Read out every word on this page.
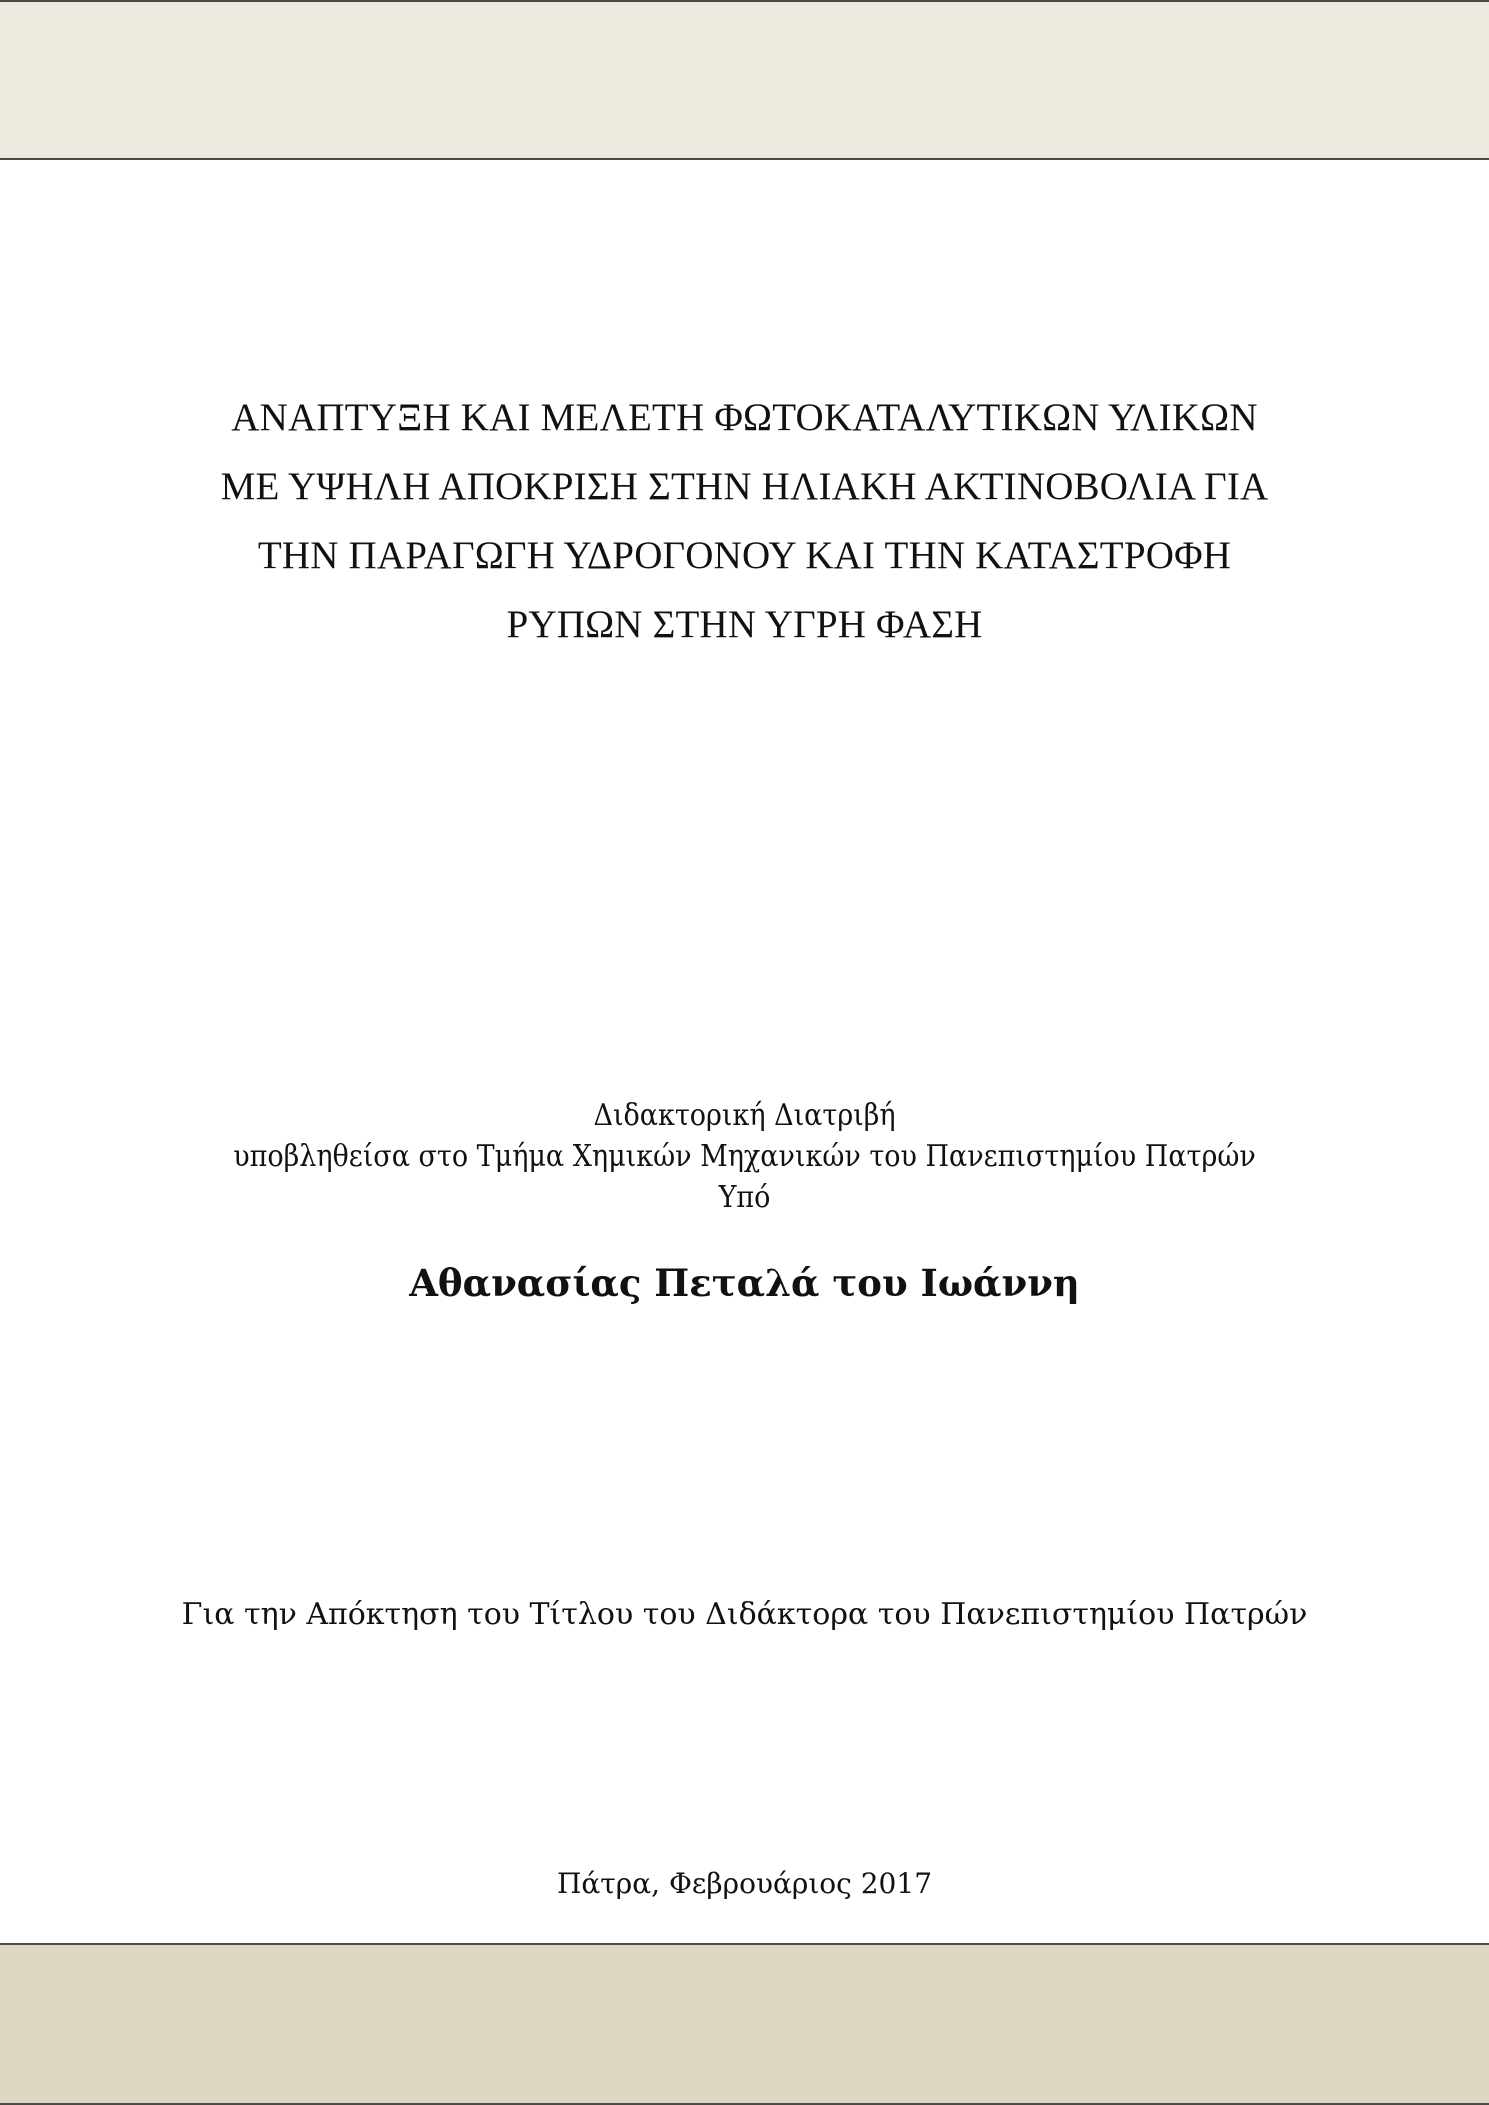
ΑΝΑΠΤΥΞΗ ΚΑΙ ΜΕΛΕΤΗ ΦΩΤΟΚΑΤΑΛΥΤΙΚΩΝ ΥΛΙΚΩΝ
ΜΕ ΥΨΗΛΗ ΑΠΟΚΡΙΣΗ ΣΤΗΝ ΗΛΙΑΚΗ ΑΚΤΙΝΟΒΟΛΙΑ ΓΙΑ
ΤΗΝ ΠΑΡΑΓΩΓΗ ΥΔΡΟΓΟΝΟΥ ΚΑΙ ΤΗΝ ΚΑΤΑΣΤΡΟΦΗ
ΡΥΠΩΝ ΣΤΗΝ ΥΓΡΗ ΦΑΣΗ
Διδακτορική Διατριβή
υποβληθείσα στο Τμήμα Χημικών Μηχανικών του Πανεπιστημίου Πατρών
Υπό
Αθανασίας Πεταλά του Ιωάννη
Για την Απόκτηση του Τίτλου του Διδάκτορα του Πανεπιστημίου Πατρών
Πάτρα, Φεβρουάριος 2017
